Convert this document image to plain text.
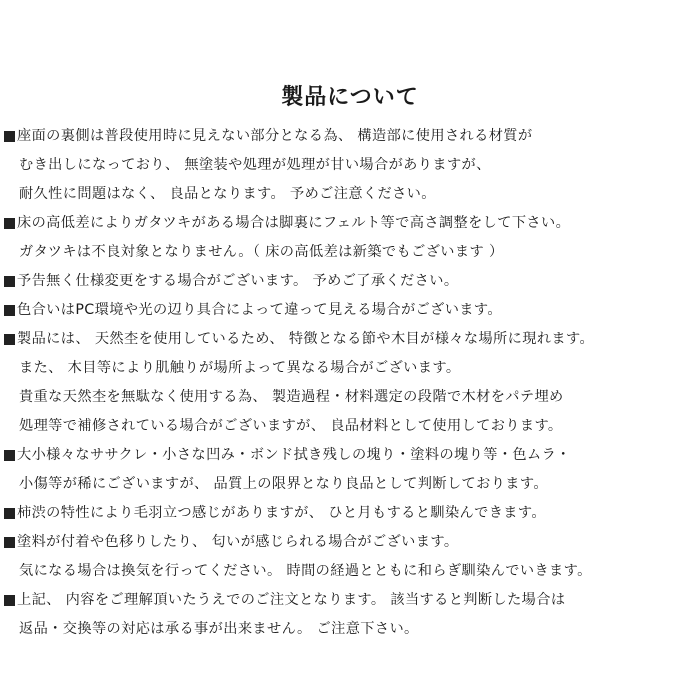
製品について
座面の裏側は普段使用時に見えない部分となる為、 構造部に使用される材質が
むき出しになっており、 無塗装や処理が処理が甘い場合がありますが、
耐久性に問題はなく、 良品となります。 予めご注意ください。
床の高低差によりガタツキがある場合は脚裏にフェルト等で高さ調整をして下さい。
ガタツキは不良対象となりません。（ 床の高低差は新築でもございます ）
予告無く仕様変更をする場合がございます。 予めご了承ください。
色合いはPC環境や光の辺り具合によって違って見える場合がございます。
製品には、 天然杢を使用しているため、 特徴となる節や木目が様々な場所に現れます。
また、 木目等により肌触りが場所よって異なる場合がございます。
貴重な天然杢を無駄なく使用する為、 製造過程・材料選定の段階で木材をパテ埋め
処理等で補修されている場合がございますが、 良品材料として使用しております。
大小様々なササクレ・小さな凹み・ボンド拭き残しの塊り・塗料の塊り等・色ムラ・
小傷等が稀にございますが、 品質上の限界となり良品として判断しております。
柿渋の特性により毛羽立つ感じがありますが、 ひと月もすると馴染んできます。
塗料が付着や色移りしたり、 匂いが感じられる場合がございます。
気になる場合は換気を行ってください。 時間の経過とともに和らぎ馴染んでいきます。
上記、 内容をご理解頂いたうえでのご注文となります。 該当すると判断した場合は
返品・交換等の対応は承る事が出来ません。 ご注意下さい。
